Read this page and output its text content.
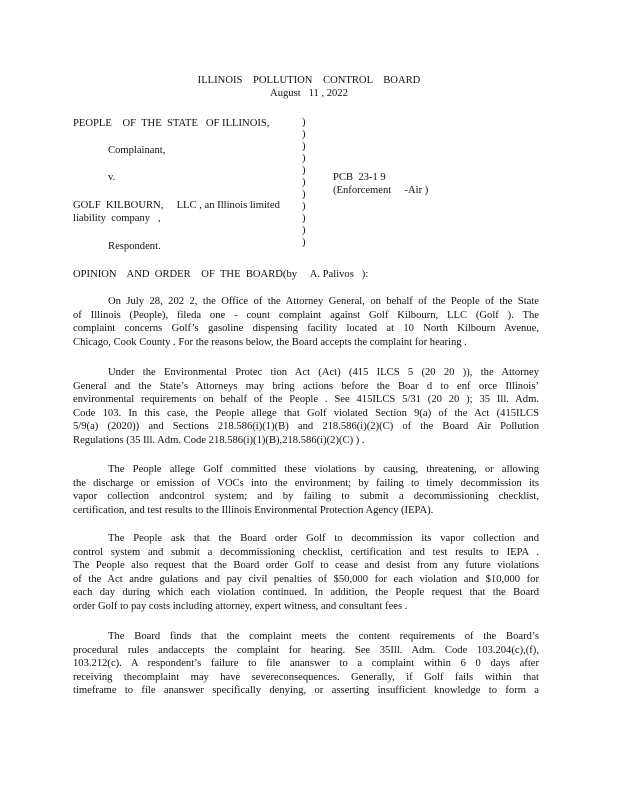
ILLINOIS    POLLUTION    CONTROL    BOARD
August   11 , 2022
PEOPLE    OF  THE  STATE   OF ILLINOIS,
Complainant,
v.	PCB  23-1 9
(Enforcement     -Air )
GOLF  KILBOURN,     LLC , an Illinois limited
liability  company   ,
Respondent.
)
)
)
)
)
)
)
)
)
)
)
OPINION    AND  ORDER    OF  THE  BOARD(by     A. Palivos   ):
On July 28, 202 2, the Office of the Attorney General, on behalf of the People of the State
of Illinois (People), fileda one - count complaint against Golf Kilbourn, LLC (Golf ). The
complaint concerns Golf’s gasoline dispensing facility located at 10 North Kilbourn Avenue,
Chicago, Cook County . For the reasons below, the Board accepts the complaint for hearing .
Under the Environmental Protec tion Act (Act) (415 ILCS 5 (20 20 )), the Attorney
General and the State’s Attorneys may bring actions before the Boar d to enf orce Illinois’
environmental requirements on behalf of the People . See 415ILCS 5/31 (20 20 ); 35 Ill. Adm.
Code 103. In this case, the People allege that Golf violated Section 9(a) of the Act (415ILCS
5/9(a) (2020)) and Sections 218.586(i)(1)(B) and 218.586(i)(2)(C) of the Board Air Pollution
Regulations (35 Ill. Adm. Code 218.586(i)(1)(B),218.586(i)(2)(C) ) .
The People allege Golf committed these violations by causing, threatening, or allowing
the discharge or emission of VOCs into the environment; by failing to timely decommission its
vapor collection andcontrol system; and by failing to submit a decommissioning checklist,
certification, and test results to the Illinois Environmental Protection Agency (IEPA).
The People ask that the Board order Golf to decommission its vapor collection and
control system and submit a decommissioning checklist, certification and test results to IEPA .
The People also request that the Board order Golf to cease and desist from any future violations
of the Act andre gulations and pay civil penalties of $50,000 for each violation and $10,000 for
each day during which each violation continued. In addition, the People request that the Board
order Golf to pay costs including attorney, expert witness, and consultant fees .
The Board finds that the complaint meets the content requirements of the Board’s
procedural rules andaccepts the complaint for hearing. See 35Ill. Adm. Code 103.204(c),(f),
103.212(c). A respondent’s failure to file ananswer to a complaint within 6 0 days after
receiving thecomplaint may have severeconsequences. Generally, if Golf fails within that
timeframe to file ananswer specifically denying, or asserting insufficient knowledge to form a
